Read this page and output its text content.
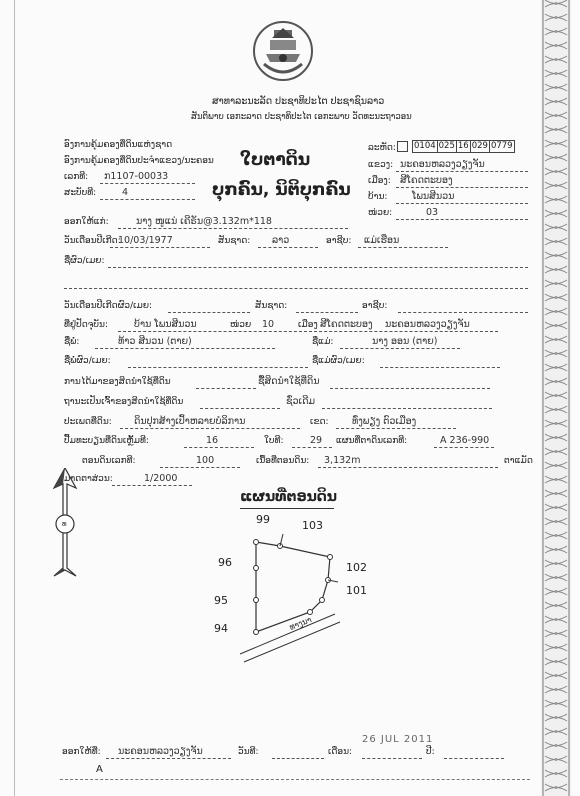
ສາທາລະນະລັດ ປະຊາທິປະໄຕ ປະຊາຊົນລາວ
ສັນຕິພາບ ເອກະລາດ ປະຊາທິປະໄຕ ເອກະພາບ ວັດທະນະຖາວອນ
ອົງການຄຸ້ມຄອງທີ່ດິນແຫ່ງຊາດ
ອົງການຄຸ້ມຄອງທີ່ດິນປະຈຳແຂວງ/ນະຄອນ
ເລກທີ: ກ1107-00033
ສະບັບທີ:	4
ໃບຕາດິນ
ບຸກຄົນ, ນິຕິບຸກຄົນ
ລະຫັດ: 0104 025 16 029 0779
ແຂວງ: ນະຄອນຫລວງວຽງຈັນ
ເມືອງ: ສີໂຄດຕະບອງ
ບ້ານ:	ໂພນສີນວນ
ໜ່ວຍ:	03
ອອກໃຫ້ແກ່:	ນາງ ໜູແນ່ ເຄີຣັນ@3.132m*118
ວັນເດືອນປີເກີດ:
10/03/1977	ສັນຊາດ: ລາວ	ອາຊີບ: ແມ່ເຮືອນ
ຊື່ຜົວ/ເມຍ:
ວັນເດືອນປີເກີດຜົວ/ເມຍ:	ສັນຊາດ:	ອາຊີບ:
ທີ່ຢູ່ປັດຈຸບັນ:	ບ້ານ ໂພນສີນວນ	ໜ່ວຍ 10	ເມືອງ ສີໂຄດຕະບອງ ນະຄອນຫລວງວຽງຈັນ
ຊື່ພໍ່:	ທ້າວ ສີນວນ (ຕາຍ)	ຊື່ແມ່:	ນາງ ອອນ (ຕາຍ)
ຊື່ພໍ່ຜົວ/ເມຍ:	ຊື່ແມ່ຜົວ/ເມຍ:
ການໄດ້ມາຂອງສິດນຳໃຊ້ທີ່ດິນ	ຊື້ສິດນຳໃຊ້ທີ່ດິນ
ຖານະເປັນເຈົ້າຂອງສິດນຳໃຊ້ທີ່ດິນ	ຊົ່ວເດີມ
ປະເພດທີ່ດິນ: ດິນປຸກສ້າງເປົ້າຫລາຍບໍລິການ	ເຂດ: ທົ່ງພຽງ ຕົວເມືອງ
ປື້ມທະບຽນທີ່ດິນເຫຼັ້ມທີ:	16	ໃບທີ:	29 ແຜນທີ່ຕາດິນເລກທີ:	A 236-990
ຕອນດິນເລກທີ:	100	ເນື້ອທີ່ຕອນດິນ: 3,132m	ຕາແມັດ
ມາດຕາສ່ວນ:	1/2000
ແຜນທີ່ຕອນດິນ
ທ
ທາງນາ
99	103
96	102
101
95
94
26 JUL 2011
ອອກໃຫ້ທີ່: ນະຄອນຫລວງວຽງຈັນ	ວັນທີ:	ເດືອນ:	ປີ:
A
